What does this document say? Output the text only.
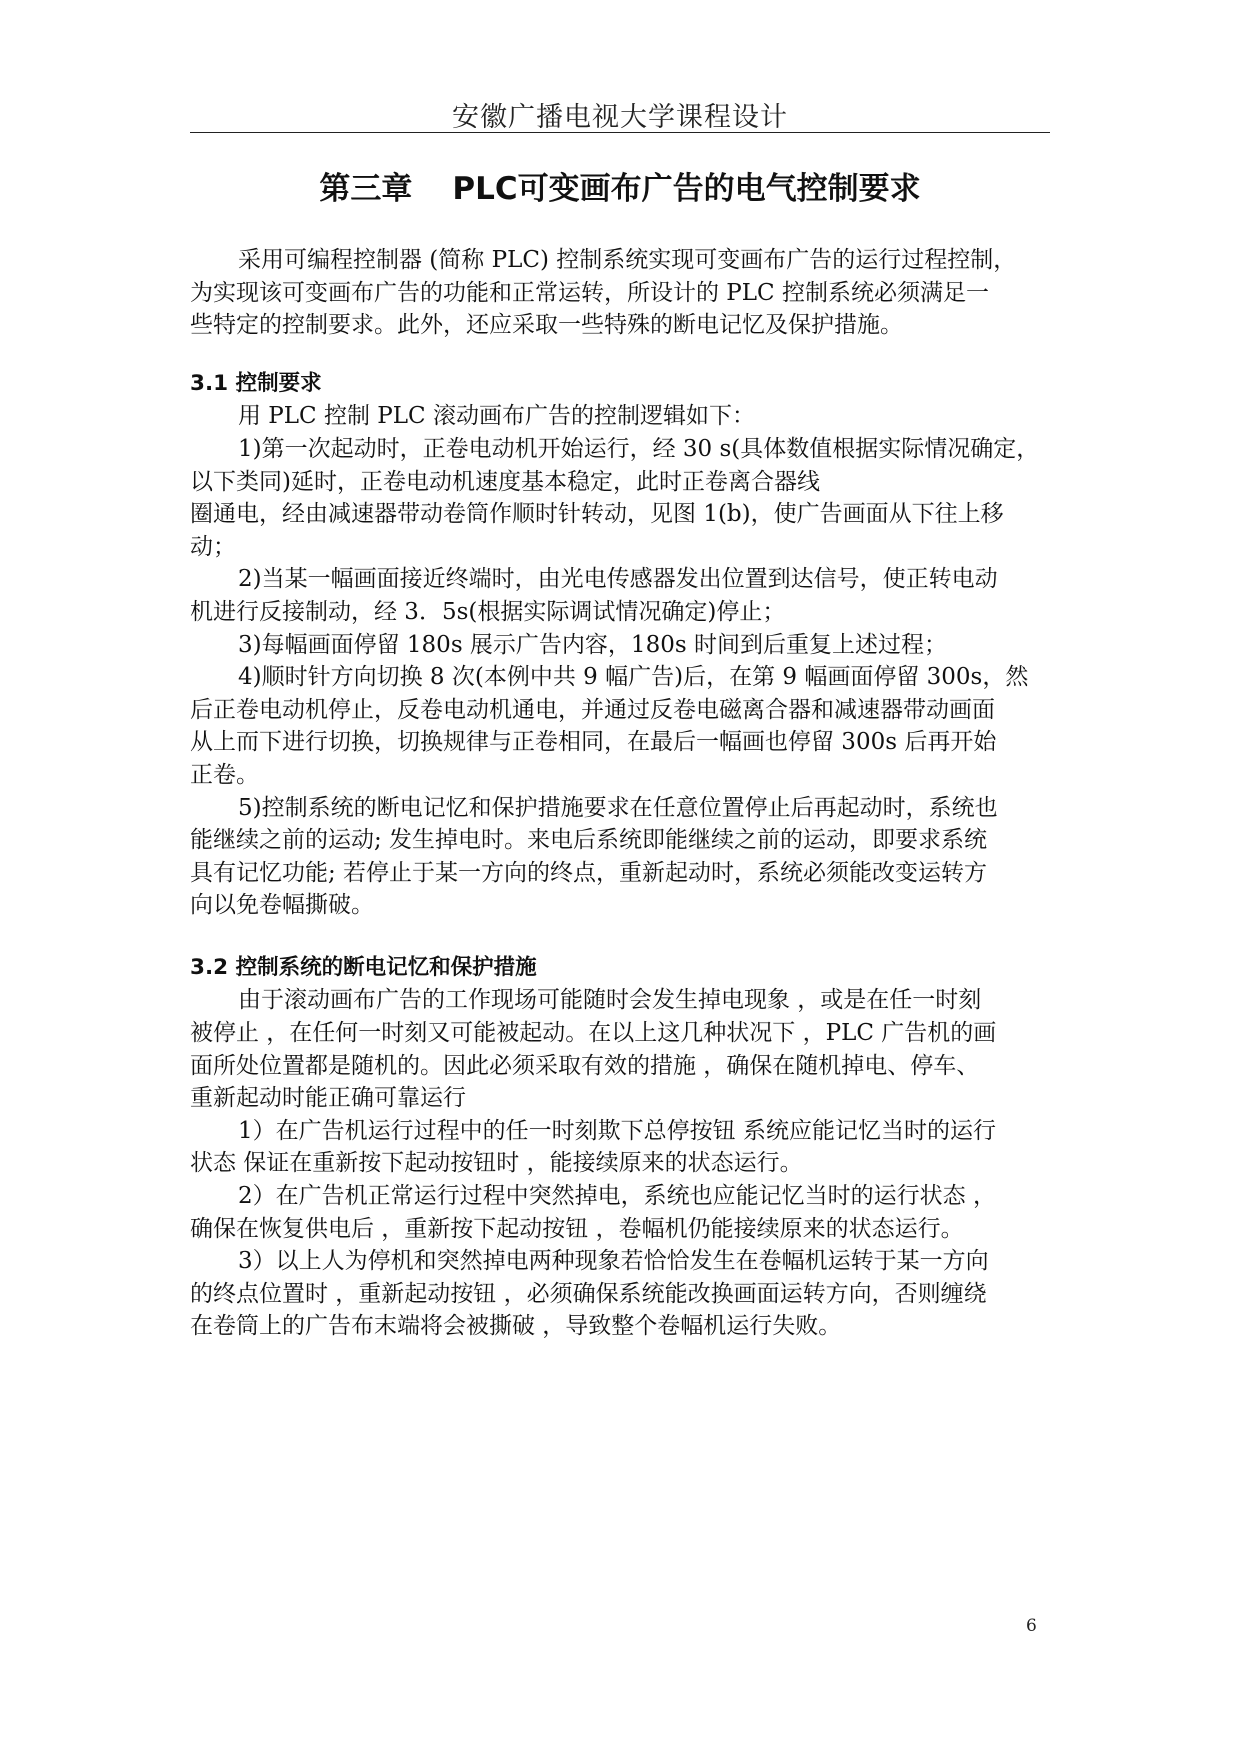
安徽广播电视大学课程设计
第三章 PLC可变画布广告的电气控制要求

采用可编程控制器 (简称 PLC) 控制系统实现可变画布广告的运行过程控制，
为实现该可变画布广告的功能和正常运转，所设计的 PLC 控制系统必须满足一
些特定的控制要求。此外，还应采取一些特殊的断电记忆及保护措施。

3.1 控制要求

用 PLC 控制 PLC 滚动画布广告的控制逻辑如下：

1)第一次起动时，正卷电动机开始运行，经 30 s(具体数值根据实际情况确定，
以下类同)延时，正卷电动机速度基本稳定，此时正卷离合器线
圈通电，经由减速器带动卷筒作顺时针转动，见图 1(b)，使广告画面从下往上移
动；

2)当某一幅画面接近终端时，由光电传感器发出位置到达信号，使正转电动
机进行反接制动，经 3．5s(根据实际调试情况确定)停止；

3)每幅画面停留 180s 展示广告内容，180s 时间到后重复上述过程；

4)顺时针方向切换 8 次(本例中共 9 幅广告)后，在第 9 幅画面停留 300s，然
后正卷电动机停止，反卷电动机通电，并通过反卷电磁离合器和减速器带动画面
从上而下进行切换，切换规律与正卷相同，在最后一幅画也停留 300s 后再开始
正卷。

5)控制系统的断电记忆和保护措施要求在任意位置停止后再起动时，系统也
能继续之前的运动; 发生掉电时。来电后系统即能继续之前的运动，即要求系统
具有记忆功能; 若停止于某一方向的终点，重新起动时，系统必须能改变运转方
向以免卷幅撕破。

3.2 控制系统的断电记忆和保护措施

由于滚动画布广告的工作现场可能随时会发生掉电现象 ，或是在任一时刻
被停止 ，在任何一时刻又可能被起动。在以上这几种状况下 ，PLC 广告机的画
面所处位置都是随机的。因此必须采取有效的措施 ，确保在随机掉电、停车、
重新起动时能正确可靠运行

1）在广告机运行过程中的任一时刻欺下总停按钮 系统应能记忆当时的运行
状态 保证在重新按下起动按钮时 ，能接续原来的状态运行。

2）在广告机正常运行过程中突然掉电，系统也应能记忆当时的运行状态 ，
确保在恢复供电后 ，重新按下起动按钮 ，卷幅机仍能接续原来的状态运行。

3）以上人为停机和突然掉电两种现象若恰恰发生在卷幅机运转于某一方向
的终点位置时 ，重新起动按钮 ，必须确保系统能改换画面运转方向，否则缠绕
在卷筒上的广告布末端将会被撕破 ，导致整个卷幅机运行失败。

6
